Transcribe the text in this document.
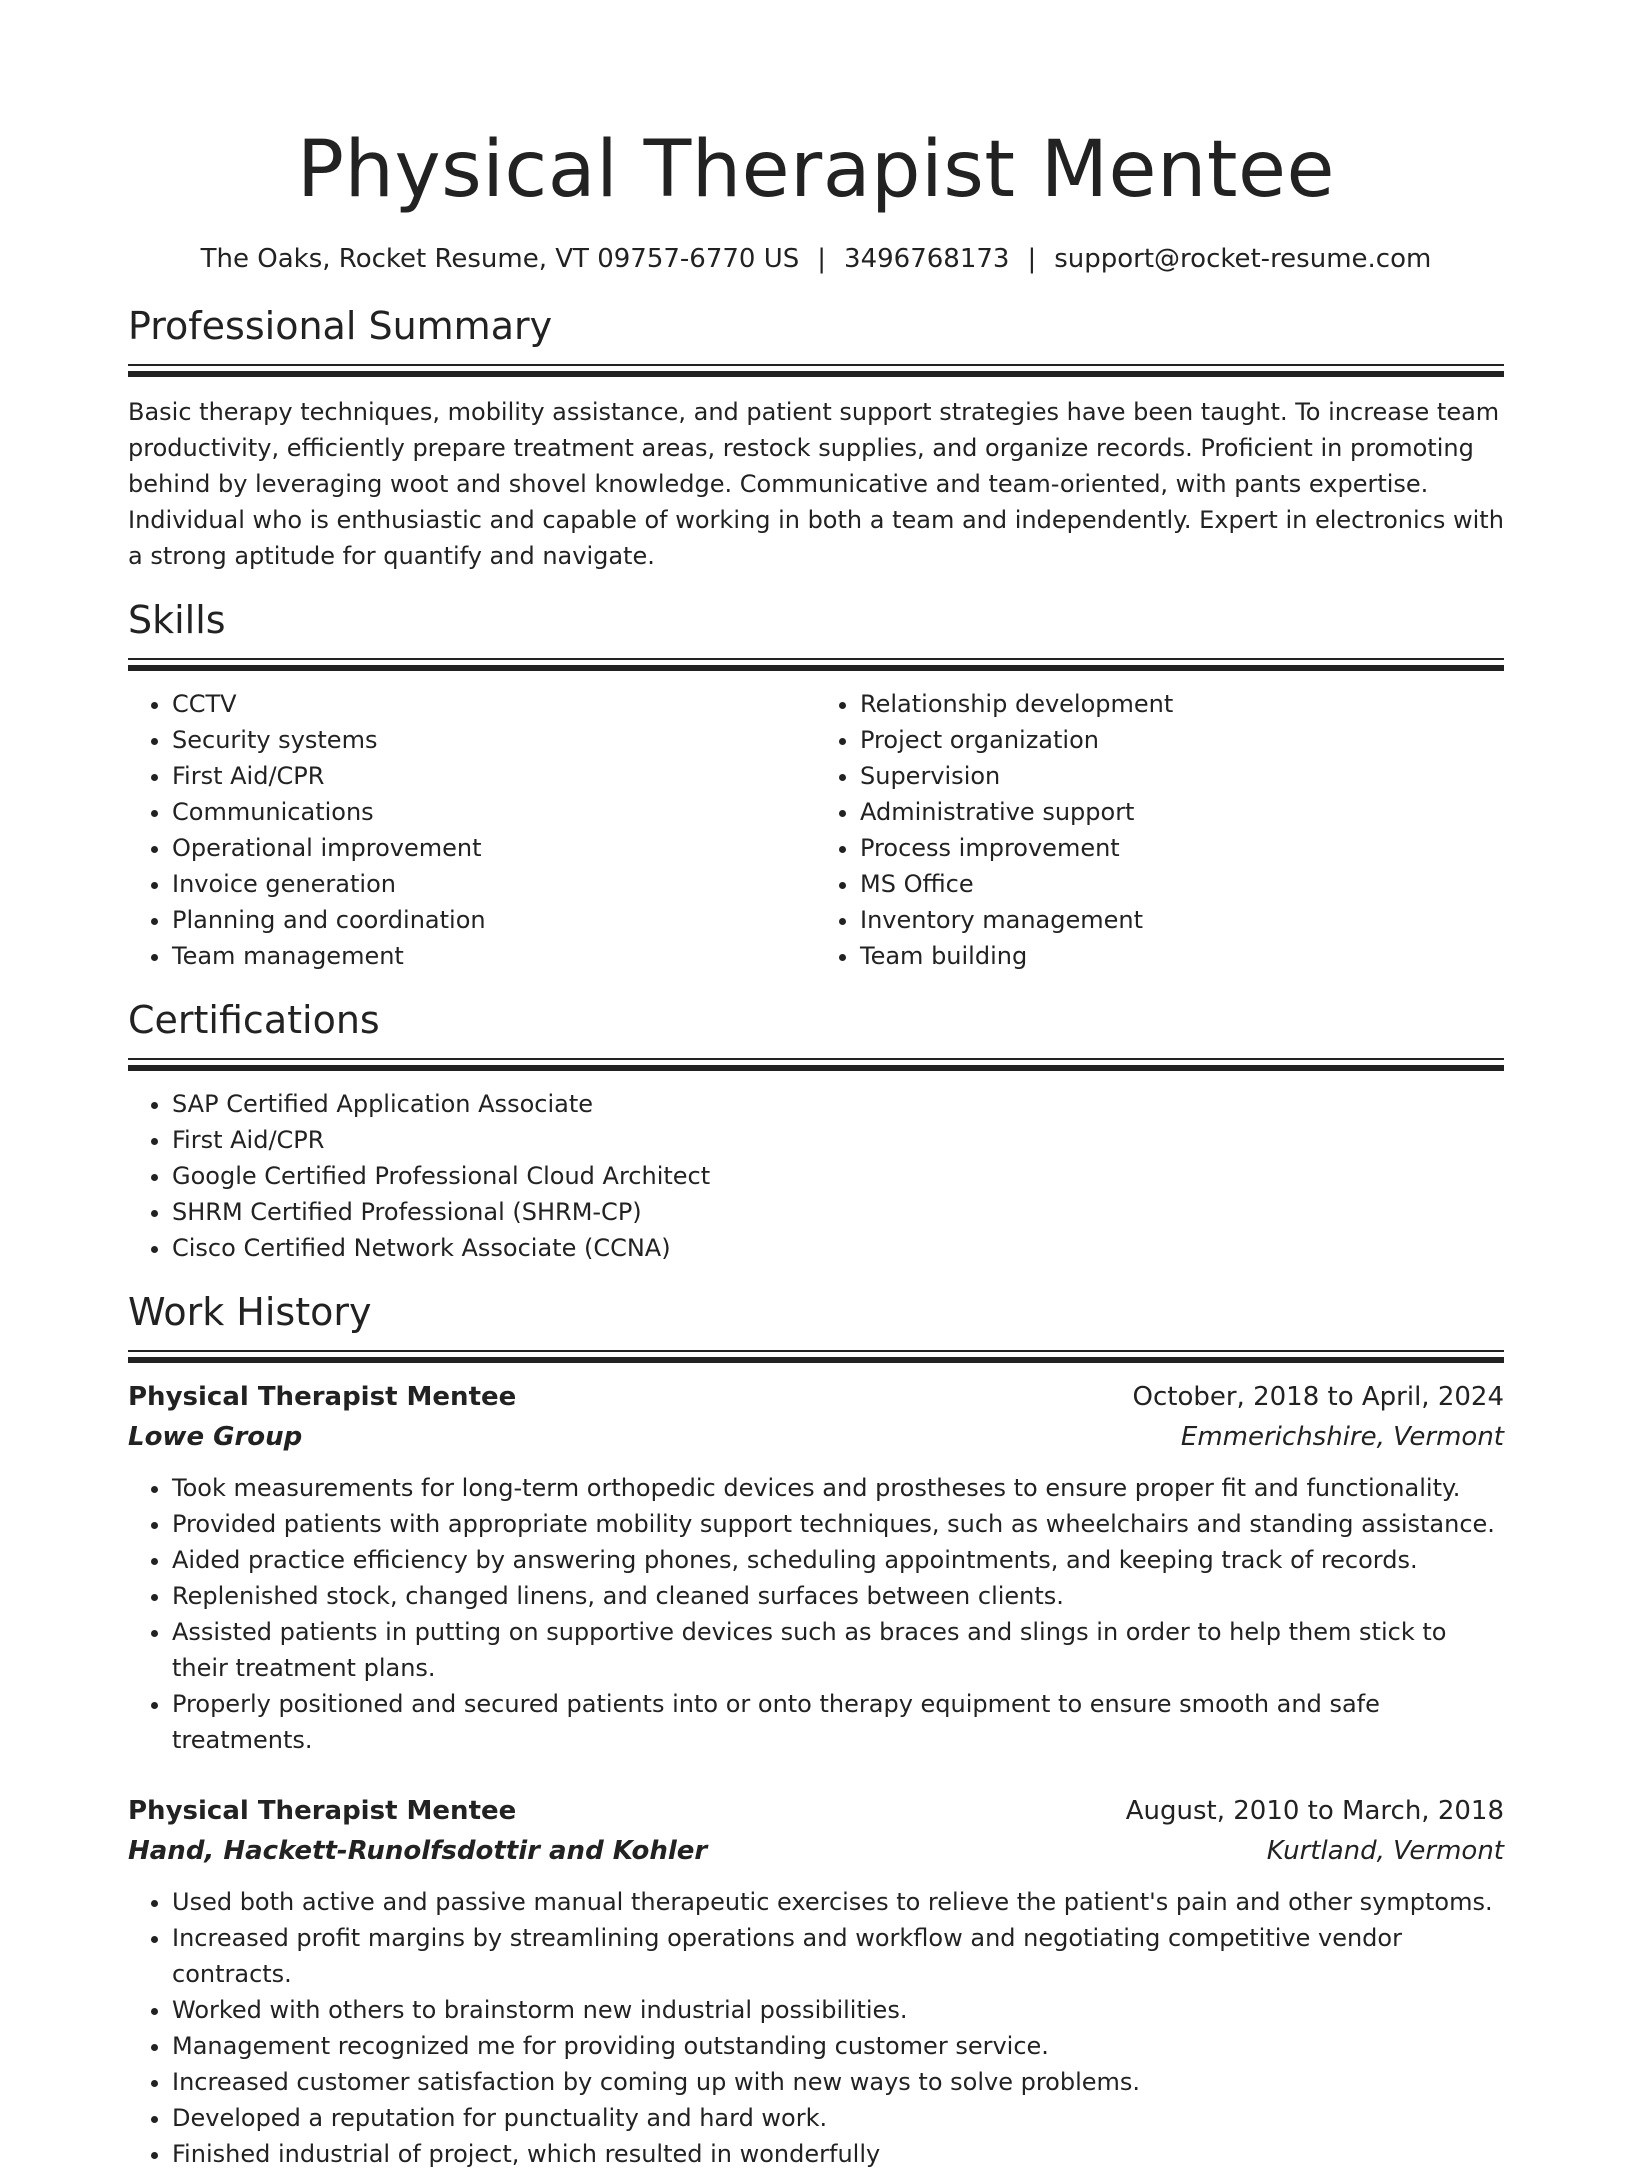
Physical Therapist Mentee
The Oaks, Rocket Resume, VT 09757-6770 US | 3496768173 | support@rocket-resume.com
Professional Summary
Basic therapy techniques, mobility assistance, and patient support strategies have been taught. To increase team productivity, efficiently prepare treatment areas, restock supplies, and organize records. Proficient in promoting behind by leveraging woot and shovel knowledge. Communicative and team-oriented, with pants expertise. Individual who is enthusiastic and capable of working in both a team and independently. Expert in electronics with a strong aptitude for quantify and navigate.
Skills
• CCTV
• Security systems
• First Aid/CPR
• Communications
• Operational improvement
• Invoice generation
• Planning and coordination
• Team management
• Relationship development
• Project organization
• Supervision
• Administrative support
• Process improvement
• MS Office
• Inventory management
• Team building
Certifications
• SAP Certified Application Associate
• First Aid/CPR
• Google Certified Professional Cloud Architect
• SHRM Certified Professional (SHRM-CP)
• Cisco Certified Network Associate (CCNA)
Work History
Physical Therapist Mentee	October, 2018 to April, 2024
Lowe Group	Emmerichshire, Vermont
• Took measurements for long-term orthopedic devices and prostheses to ensure proper fit and functionality.
• Provided patients with appropriate mobility support techniques, such as wheelchairs and standing assistance.
• Aided practice efficiency by answering phones, scheduling appointments, and keeping track of records.
• Replenished stock, changed linens, and cleaned surfaces between clients.
• Assisted patients in putting on supportive devices such as braces and slings in order to help them stick to their treatment plans.
• Properly positioned and secured patients into or onto therapy equipment to ensure smooth and safe treatments.
Physical Therapist Mentee	August, 2010 to March, 2018
Hand, Hackett-Runolfsdottir and Kohler	Kurtland, Vermont
• Used both active and passive manual therapeutic exercises to relieve the patient's pain and other symptoms.
• Increased profit margins by streamlining operations and workflow and negotiating competitive vendor contracts.
• Worked with others to brainstorm new industrial possibilities.
• Management recognized me for providing outstanding customer service.
• Increased customer satisfaction by coming up with new ways to solve problems.
• Developed a reputation for punctuality and hard work.
• Finished industrial of project, which resulted in wonderfully
